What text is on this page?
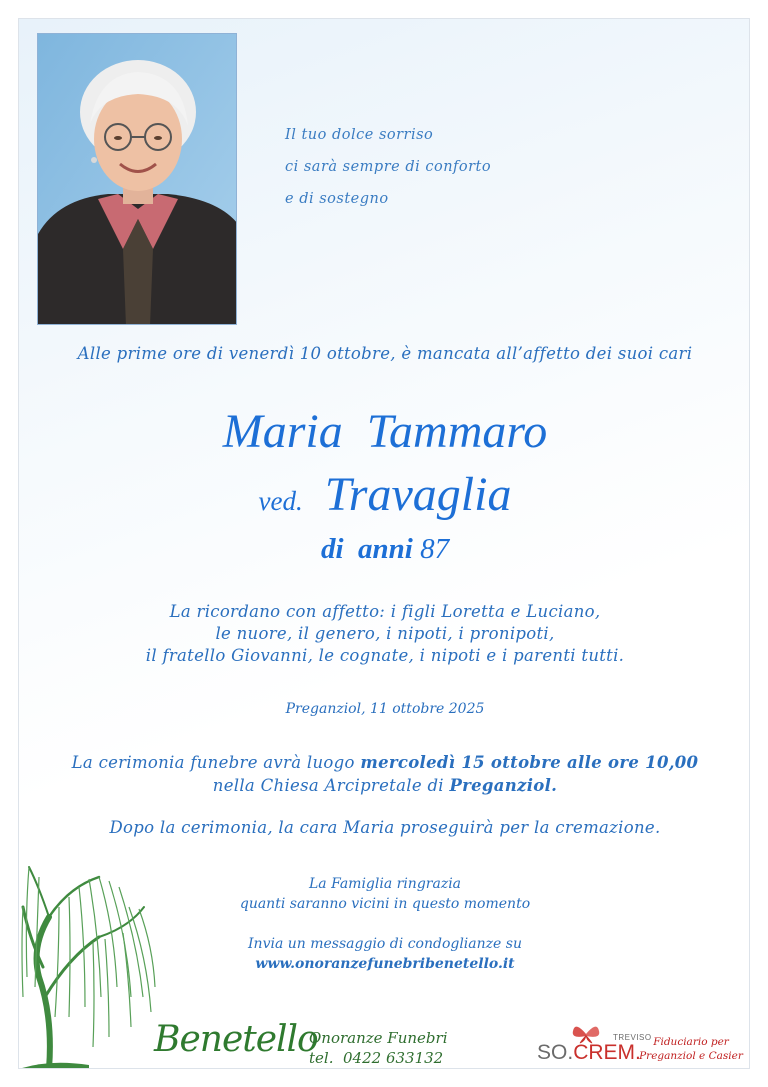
Il tuo dolce sorriso
ci sarà sempre di conforto
e di sostegno
Alle prime ore di venerdì 10 ottobre, è mancata all’affetto dei suoi cari
Maria  Tammaro
ved. Travaglia
di  anni 87
La ricordano con affetto: i figli Loretta e Luciano,
le nuore, il genero, i nipoti, i pronipoti,
il fratello Giovanni, le cognate, i nipoti e i parenti tutti.
Preganziol, 11 ottobre 2025
La cerimonia funebre avrà luogo mercoledì 15 ottobre alle ore 10,00
nella Chiesa Arcipretale di Preganziol.
Dopo la cerimonia, la cara Maria proseguirà per la cremazione.
La Famiglia ringrazia
quanti saranno vicini in questo momento
Invia un messaggio di condoglianze su
www.onoranzefunebribenetello.it
Benetello
Onoranze Funebri
tel.  0422 633132
TREVISO
SO.CREM.	Fiduciario per
Preganziol e Casier
